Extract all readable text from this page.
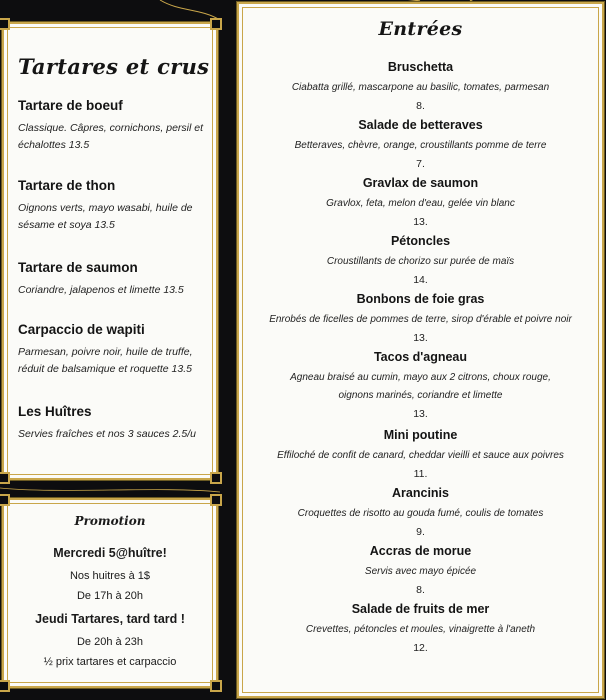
Tartares et crus
Tartare de boeuf
Classique. Câpres, cornichons, persil et échalottes 13.5
Tartare de thon
Oignons verts, mayo wasabi, huile de sésame et soya 13.5
Tartare de saumon
Coriandre, jalapenos et limette 13.5
Carpaccio de wapiti
Parmesan, poivre noir, huile de truffe, réduit de balsamique et roquette 13.5
Les Huîtres
Servies fraîches et nos 3 sauces 2.5/u
Promotion
Mercredi 5@huître!
Nos huitres à 1$
De 17h à 20h
Jeudi Tartares, tard tard !
De 20h à 23h
½ prix tartares et carpaccio
Entrées
Bruschetta
Ciabatta grillé, mascarpone au basilic, tomates, parmesan
8.
Salade de betteraves
Betteraves, chèvre, orange, croustillants pomme de terre
7.
Gravlax de saumon
Gravlox, feta, melon d'eau, gelée vin blanc
13.
Pétoncles
Croustillants de chorizo sur purée de maïs
14.
Bonbons de foie gras
Enrobés de ficelles de pommes de terre, sirop d'érable et poivre noir
13.
Tacos d'agneau
Agneau braisé au cumin, mayo aux 2 citrons, choux rouge,
oignons marinés, coriandre et limette
13.
Mini poutine
Effiloché de confit de canard, cheddar vieilli et sauce aux poivres
11.
Arancinis
Croquettes de risotto au gouda fumé, coulis de tomates
9.
Accras de morue
Servis avec mayo épicée
8.
Salade de fruits de mer
Crevettes, pétoncles et moules, vinaigrette à l'aneth
12.
